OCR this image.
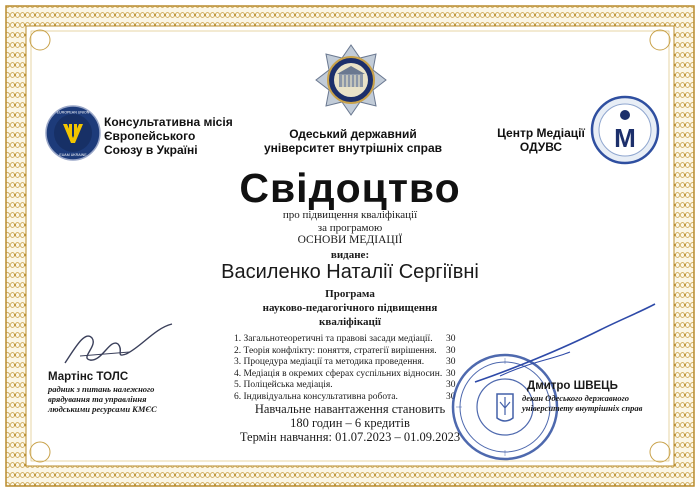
EUROPEAN UNION
EUAM UKRAINE
Консультативна місія
Європейського
Союзу в Україні
Одеський державний
університет внутрішніх справ
Центр Медіації
ОДУВС	M
Свідоцтво
про підвищення кваліфікації
за програмою
ОСНОВИ МЕДІАЦІЇ
видане:
Василенко Наталії Сергіївні
Програма
науково-педагогічного підвищення
кваліфікації
1. Загальнотеоретичні та правові засади медіації. 30
2. Теорія конфлікту: поняття, стратегії вирішення. 30
3. Процедура медіації та методика проведення. 30
4. Медіація в окремих сферах суспільних відносин. 30
5. Поліцейська медіація.	30
6. Індивідуальна консультативна робота.	30
Навчальне навантаження становить
180 годин – 6 кредитів
Термін навчання: 01.07.2023 – 01.09.2023
Мартінс ТОЛС
радник з питань належного
врядування та управління
людськими ресурсами КМЄС
Дмитро ШВЕЦЬ
декан Одеського державного
університету внутрішніх справ
